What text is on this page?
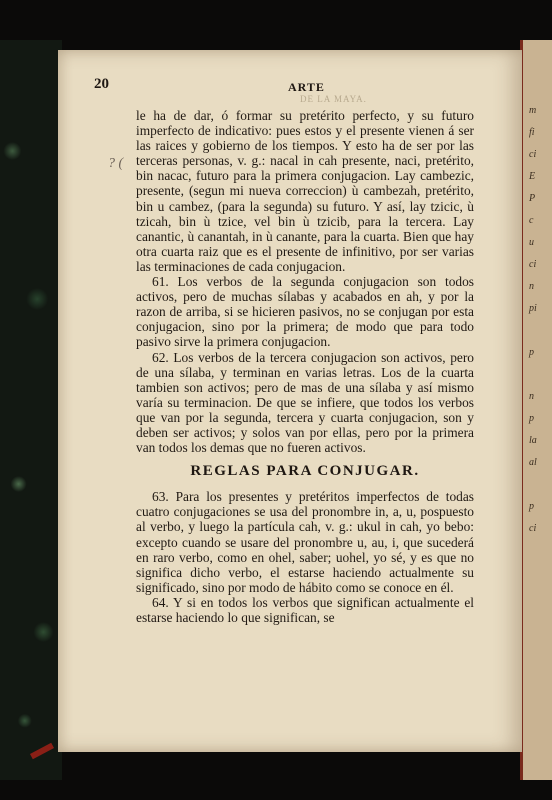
m
fi
ci
E
P
c
u
ci
n
pi

p

n
p
la
al

p
ci
20	ARTE
DE LA MAYA.
? (

le ha de dar, ó formar su pretérito perfecto, y su futuro imperfecto de indicativo: pues estos y el presente vienen á ser las raices y gobierno de los tiempos. Y esto ha de ser por las terceras personas, v. g.: nacal in cah presente, naci, pretérito, bin nacac, futuro para la primera conjugacion. Lay cambezic, presente, (segun mi nueva correccion) ù cambezah, pretérito, bin u cambez, (para la segunda) su futuro. Y así, lay tzicic, ù tzicah, bin ù tzice, vel bin ù tzicib, para la tercera. Lay canantic, ù canantah, in ù canante, para la cuarta. Bien que hay otra cuarta raiz que es el presente de infinitivo, por ser varias las terminaciones de cada conjugacion.

61. Los verbos de la segunda conjugacion son todos activos, pero de muchas sílabas y acabados en ah, y por la razon de arriba, si se hicieren pasivos, no se conjugan por esta conjugacion, sino por la primera; de modo que para todo pasivo sirve la primera conjugacion.

62. Los verbos de la tercera conjugacion son activos, pero de una sílaba, y terminan en varias letras. Los de la cuarta tambien son activos; pero de mas de una sílaba y así mismo varía su terminacion. De que se infiere, que todos los verbos que van por la segunda, tercera y cuarta conjugacion, son y deben ser activos; y solos van por ellas, pero por la primera van todos los demas que no fueren activos.

REGLAS PARA CONJUGAR.

63. Para los presentes y pretéritos imperfectos de todas cuatro conjugaciones se usa del pronombre in, a, u, pospuesto al verbo, y luego la partícula cah, v. g.: ukul in cah, yo bebo: excepto cuando se usare del pronombre u, au, i, que sucederá en raro verbo, como en ohel, saber; uohel, yo sé, y es que no significa dicho verbo, el estarse haciendo actualmente su significado, sino por modo de hábito como se conoce en él.

64. Y si en todos los verbos que significan actualmente el estarse haciendo lo que significan, se
